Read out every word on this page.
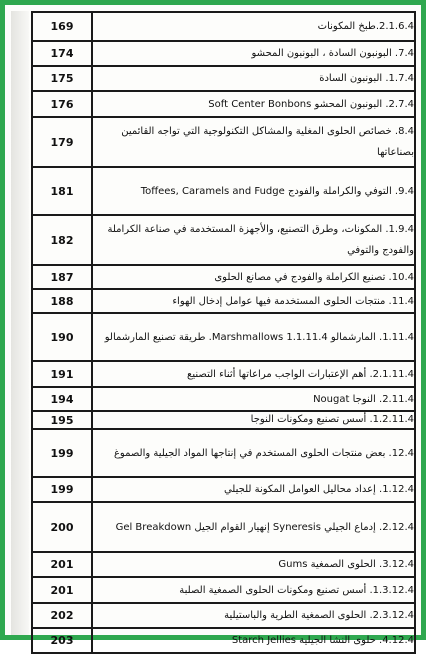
169	2.1.6.4.طبخ المكونات
174	7.4. البونبون السادة ، البونبون المحشو
175	1.7.4. البونبون السادة
176	2.7.4. البونبون المحشو Soft Center Bonbons
179	8.4. خصائص الحلوى المغلية والمشاكل التكنولوجية التي تواجه القائمين بصناعاتها
181	9.4. التوفي والكراملة والفودج Toffees, Caramels and Fudge
182	1.9.4. المكونات، وطرق التصنيع، والأجهزة المستخدمة في صناعة الكراملة والفودج والتوفي
187	10.4. تصنيع الكراملة والفودج في مصانع الحلوى
188	11.4. منتجات الحلوى المستخدمة فيها عوامل إدخال الهواء
190	1.11.4. المارشمالو Marshmallows 1.1.11.4. طريقة تصنيع المارشمالو
191	2.1.11.4. أهم الإعتبارات الواجب مراعاتها أثناء التصنيع
194	2.11.4. النوجا Nougat
195	1.2.11.4. أسس تصنيع ومكونات النوجا
199	12.4. بعض منتجات الحلوى المستخدم في إنتاجها المواد الجيلية والصموغ
199	1.12.4. إعداد محاليل العوامل المكونة للجيلي
200	2.12.4. إدماع الجيلي Syneresis إنهيار القوام الجيل Gel Breakdown
201	3.12.4. الحلوى الصمغية Gums
201	1.3.12.4. أسس تصنيع ومكونات الحلوى الصمغية الصلبة
202	2.3.12.4. الحلوى الصمغية الطرية والباستيلية
203	4.12.4. حلوى النشا الجيلية Starch Jellies
